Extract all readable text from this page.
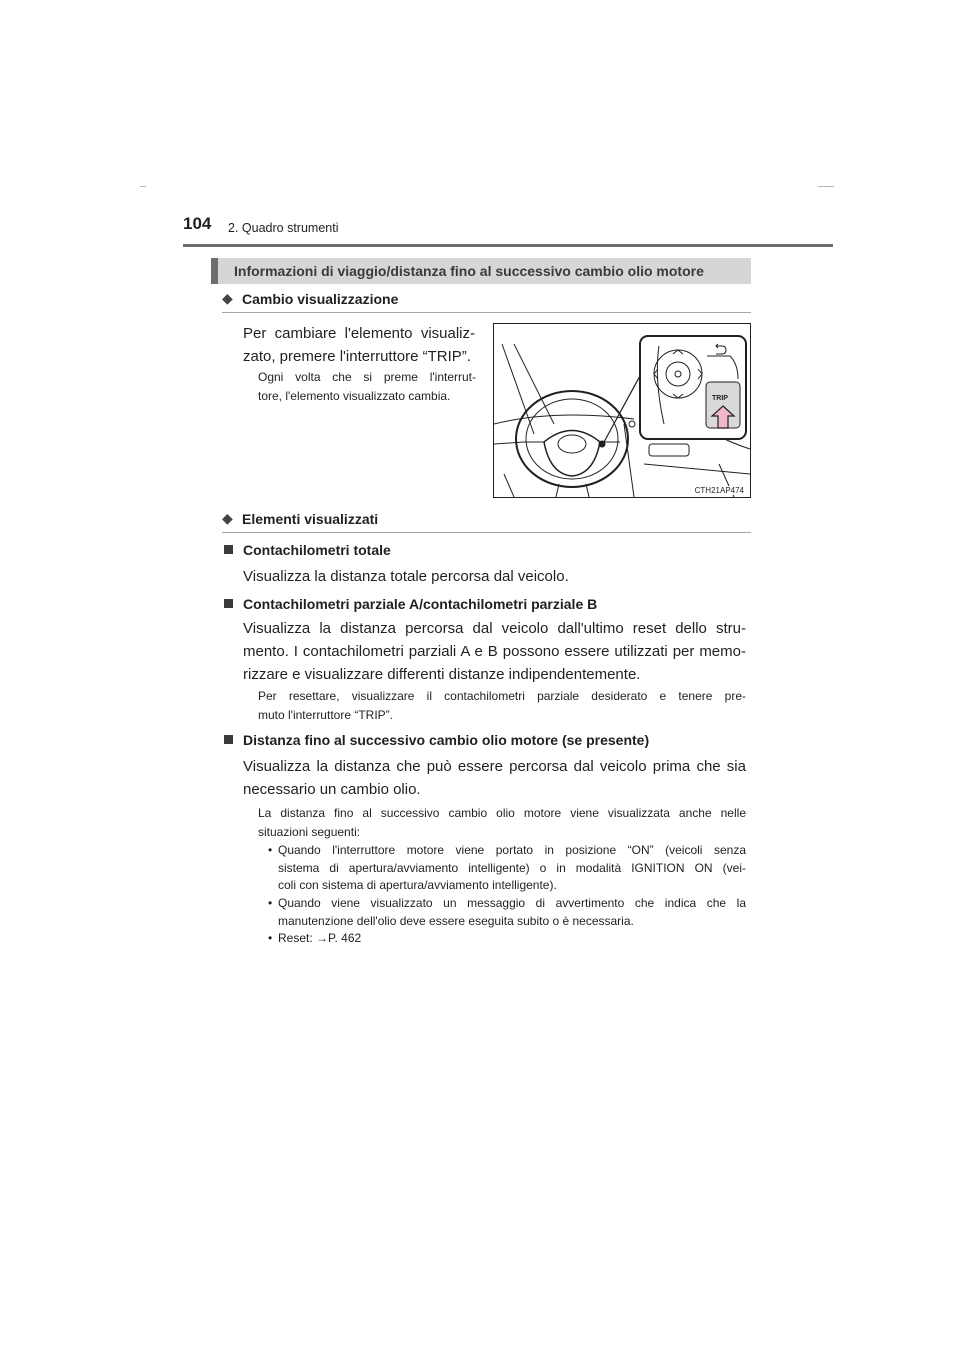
104 2. Quadro strumenti
Informazioni di viaggio/distanza fino al successivo cambio olio motore
◆ Cambio visualizzazione
Per cambiare l'elemento visualiz-
zato, premere l'interruttore “TRIP”.
Ogni volta che si preme l'interrut-
tore, l'elemento visualizzato cambia.	TRIP
CTH21AP474
◆ Elementi visualizzati
Contachilometri totale
Visualizza la distanza totale percorsa dal veicolo.
Contachilometri parziale A/contachilometri parziale B
Visualizza la distanza percorsa dal veicolo dall'ultimo reset dello stru-
mento. I contachilometri parziali A e B possono essere utilizzati per memo-
rizzare e visualizzare differenti distanze indipendentemente.
Per resettare, visualizzare il contachilometri parziale desiderato e tenere pre-
muto l'interruttore “TRIP”.
Distanza fino al successivo cambio olio motore (se presente)
Visualizza la distanza che può essere percorsa dal veicolo prima che sia
necessario un cambio olio.
La distanza fino al successivo cambio olio motore viene visualizzata anche nelle
situazioni seguenti:
• Quando l'interruttore motore viene portato in posizione “ON” (veicoli senza
sistema di apertura/avviamento intelligente) o in modalità IGNITION ON (vei-
coli con sistema di apertura/avviamento intelligente).
• Quando viene visualizzato un messaggio di avvertimento che indica che la
manutenzione dell'olio deve essere eseguita subito o è necessaria.
• Reset: →P. 462
